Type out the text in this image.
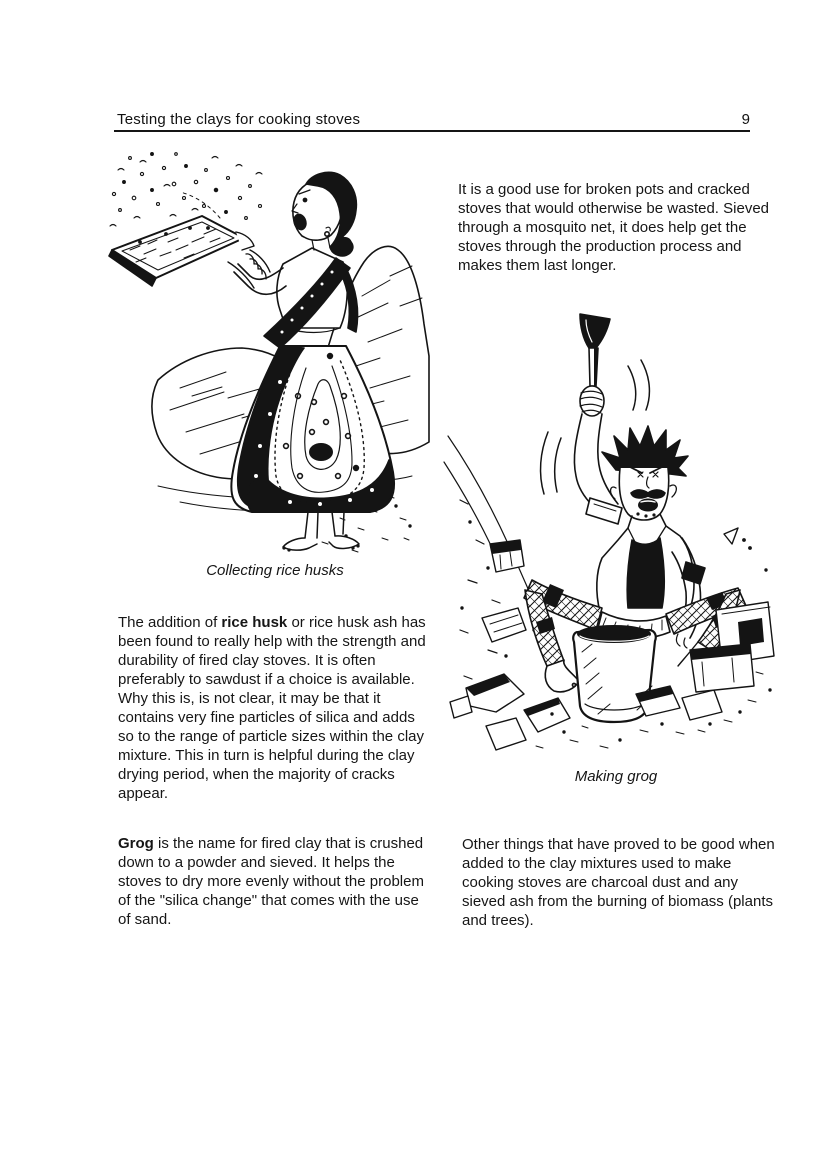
Testing the clays for cooking stoves	9
Collecting rice husks

The addition of rice husk or rice husk ash has been found to really help with the strength and durability of fired clay stoves. It is often preferably to sawdust if a choice is available. Why this is, is not clear, it may be that it contains very fine particles of silica and adds so to the range of particle sizes within the clay mixture. This in turn is helpful during the clay drying period, when the majority of cracks appear.

Grog is the name for fired clay that is crushed down to a powder and sieved. It helps the stoves to dry more evenly without the problem of the "silica change" that comes with the use of sand.

It is a good use for broken pots and cracked stoves that would otherwise be wasted. Sieved through a mosquito net, it does help get the stoves through the production process and makes them last longer.

Making grog

Other things that have proved to be good when added to the clay mixtures used to make cooking stoves are charcoal dust and any sieved ash from the burning of biomass (plants and trees).
